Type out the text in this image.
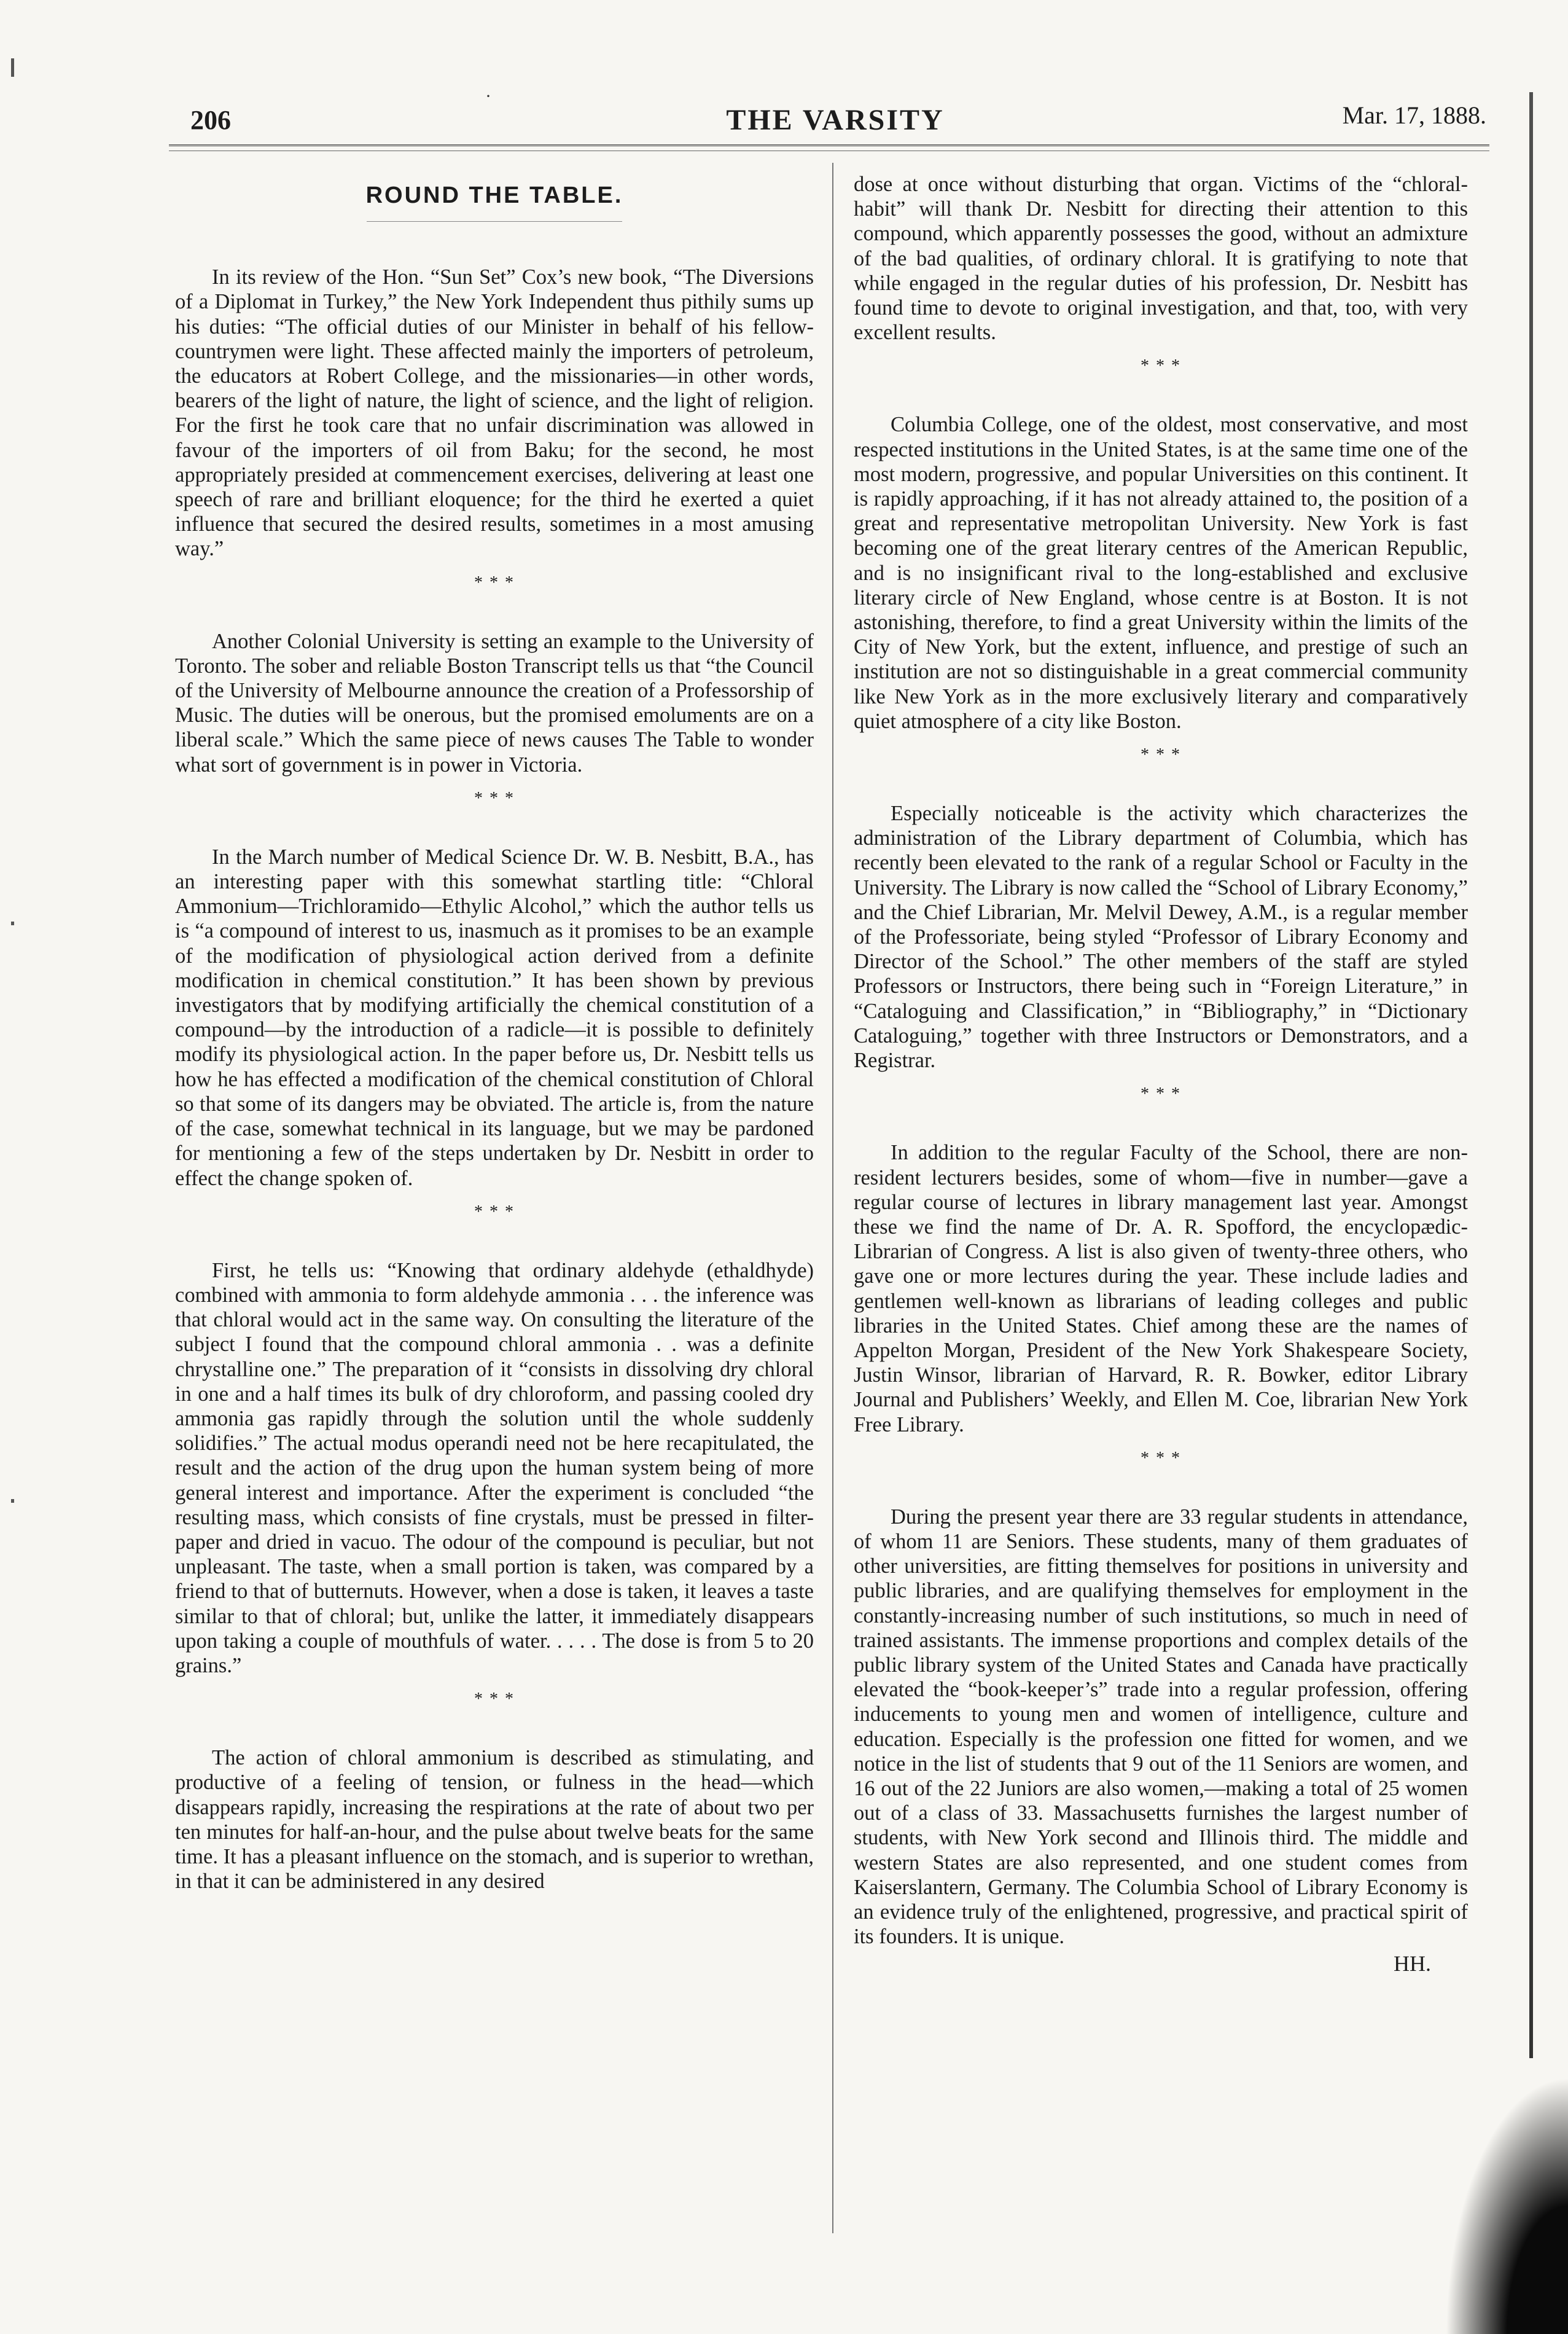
·
206	THE VARSITY	Mar. 17, 1888.
ROUND THE TABLE.

In its review of the Hon. “Sun Set” Cox’s new book, “The Diversions of a Diplomat in Turkey,” the New York Independent thus pithily sums up his duties: “The official duties of our Minister in behalf of his fellow-countrymen were light. These affected mainly the importers of petroleum, the educators at Robert College, and the missionaries—in other words, bearers of the light of nature, the light of science, and the light of religion. For the first he took care that no unfair discrimination was allowed in favour of the importers of oil from Baku; for the second, he most appropriately presided at commencement exercises, delivering at least one speech of rare and brilliant eloquence; for the third he exerted a quiet influence that secured the desired results, sometimes in a most amusing way.”

* * *

Another Colonial University is setting an example to the University of Toronto. The sober and reliable Boston Transcript tells us that “the Council of the University of Melbourne announce the creation of a Professorship of Music. The duties will be onerous, but the promised emoluments are on a liberal scale.” Which the same piece of news causes The Table to wonder what sort of government is in power in Victoria.

* * *

In the March number of Medical Science Dr. W. B. Nesbitt, B.A., has an interesting paper with this somewhat startling title: “Chloral Ammonium—Trichloramido—Ethylic Alcohol,” which the author tells us is “a compound of interest to us, inasmuch as it promises to be an example of the modification of physiological action derived from a definite modification in chemical constitution.” It has been shown by previous investigators that by modifying artificially the chemical constitution of a compound—by the introduction of a radicle—it is possible to definitely modify its physiological action. In the paper before us, Dr. Nesbitt tells us how he has effected a modification of the chemical constitution of Chloral so that some of its dangers may be obviated. The article is, from the nature of the case, somewhat technical in its language, but we may be pardoned for mentioning a few of the steps undertaken by Dr. Nesbitt in order to effect the change spoken of.

* * *

First, he tells us: “Knowing that ordinary aldehyde (ethaldhyde) combined with ammonia to form aldehyde ammonia . . . the inference was that chloral would act in the same way. On consulting the literature of the subject I found that the compound chloral ammonia . . was a definite chrystalline one.” The preparation of it “consists in dissolving dry chloral in one and a half times its bulk of dry chloroform, and passing cooled dry ammonia gas rapidly through the solution until the whole suddenly solidifies.” The actual modus operandi need not be here recapitulated, the result and the action of the drug upon the human system being of more general interest and importance. After the experiment is concluded “the resulting mass, which consists of fine crystals, must be pressed in filter-paper and dried in vacuo. The odour of the compound is peculiar, but not unpleasant. The taste, when a small portion is taken, was compared by a friend to that of butternuts. However, when a dose is taken, it leaves a taste similar to that of chloral; but, unlike the latter, it immediately disappears upon taking a couple of mouthfuls of water. . . . . The dose is from 5 to 20 grains.”

* * *

The action of chloral ammonium is described as stimulating, and productive of a feeling of tension, or fulness in the head—which disappears rapidly, increasing the respirations at the rate of about two per ten minutes for half-an-hour, and the pulse about twelve beats for the same time. It has a pleasant influence on the stomach, and is superior to wrethan, in that it can be administered in any desired

dose at once without disturbing that organ. Victims of the “chloral-habit” will thank Dr. Nesbitt for directing their attention to this compound, which apparently possesses the good, without an admixture of the bad qualities, of ordinary chloral. It is gratifying to note that while engaged in the regular duties of his profession, Dr. Nesbitt has found time to devote to original investigation, and that, too, with very excellent results.

* * *

Columbia College, one of the oldest, most conservative, and most respected institutions in the United States, is at the same time one of the most modern, progressive, and popular Universities on this continent. It is rapidly approaching, if it has not already attained to, the position of a great and representative metropolitan University. New York is fast becoming one of the great literary centres of the American Republic, and is no insignificant rival to the long-established and exclusive literary circle of New England, whose centre is at Boston. It is not astonishing, therefore, to find a great University within the limits of the City of New York, but the extent, influence, and prestige of such an institution are not so distinguishable in a great commercial community like New York as in the more exclusively literary and comparatively quiet atmosphere of a city like Boston.

* * *

Especially noticeable is the activity which characterizes the administration of the Library department of Columbia, which has recently been elevated to the rank of a regular School or Faculty in the University. The Library is now called the “School of Library Economy,” and the Chief Librarian, Mr. Melvil Dewey, A.M., is a regular member of the Professoriate, being styled “Professor of Library Economy and Director of the School.” The other members of the staff are styled Professors or Instructors, there being such in “Foreign Literature,” in “Cataloguing and Classification,” in “Bibliography,” in “Dictionary Cataloguing,” together with three Instructors or Demonstrators, and a Registrar.

* * *

In addition to the regular Faculty of the School, there are non-resident lecturers besides, some of whom—five in number—gave a regular course of lectures in library management last year. Amongst these we find the name of Dr. A. R. Spofford, the encyclopædic-Librarian of Congress. A list is also given of twenty-three others, who gave one or more lectures during the year. These include ladies and gentlemen well-known as librarians of leading colleges and public libraries in the United States. Chief among these are the names of Appelton Morgan, President of the New York Shakespeare Society, Justin Winsor, librarian of Harvard, R. R. Bowker, editor Library Journal and Publishers’ Weekly, and Ellen M. Coe, librarian New York Free Library.

* * *

During the present year there are 33 regular students in attendance, of whom 11 are Seniors. These students, many of them graduates of other universities, are fitting themselves for positions in university and public libraries, and are qualifying themselves for employment in the constantly-increasing number of such institutions, so much in need of trained assistants. The immense proportions and complex details of the public library system of the United States and Canada have practically elevated the “book-keeper’s” trade into a regular profession, offering inducements to young men and women of intelligence, culture and education. Especially is the profession one fitted for women, and we notice in the list of students that 9 out of the 11 Seniors are women, and 16 out of the 22 Juniors are also women,—making a total of 25 women out of a class of 33. Massachusetts furnishes the largest number of students, with New York second and Illinois third. The middle and western States are also represented, and one student comes from Kaiserslantern, Germany. The Columbia School of Library Economy is an evidence truly of the enlightened, progressive, and practical spirit of its founders. It is unique.

HH.
